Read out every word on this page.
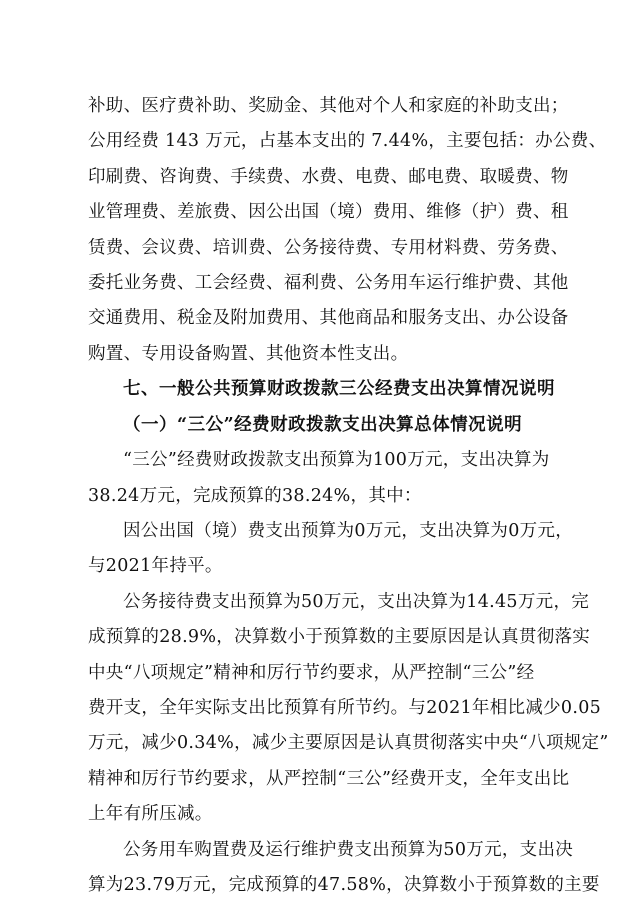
补助、医疗费补助、奖励金、其他对个人和家庭的补助支出；
公用经费 143 万元，占基本支出的 7.44%，主要包括：办公费、
印刷费、咨询费、手续费、水费、电费、邮电费、取暖费、物
业管理费、差旅费、因公出国（境）费用、维修（护）费、租
赁费、会议费、培训费、公务接待费、专用材料费、劳务费、
委托业务费、工会经费、福利费、公务用车运行维护费、其他
交通费用、税金及附加费用、其他商品和服务支出、办公设备
购置、专用设备购置、其他资本性支出。
七、一般公共预算财政拨款三公经费支出决算情况说明
（一）“三公”经费财政拨款支出决算总体情况说明
“三公”经费财政拨款支出预算为100万元，支出决算为
38.24万元，完成预算的38.24%，其中：
因公出国（境）费支出预算为0万元，支出决算为0万元，
与2021年持平。
公务接待费支出预算为50万元，支出决算为14.45万元，完
成预算的28.9%，决算数小于预算数的主要原因是认真贯彻落实
中央“八项规定”精神和厉行节约要求，从严控制“三公”经
费开支，全年实际支出比预算有所节约。与2021年相比减少0.05
万元，减少0.34%，减少主要原因是认真贯彻落实中央“八项规定”
精神和厉行节约要求，从严控制“三公”经费开支，全年支出比
上年有所压减。
公务用车购置费及运行维护费支出预算为50万元，支出决
算为23.79万元，完成预算的47.58%，决算数小于预算数的主要
